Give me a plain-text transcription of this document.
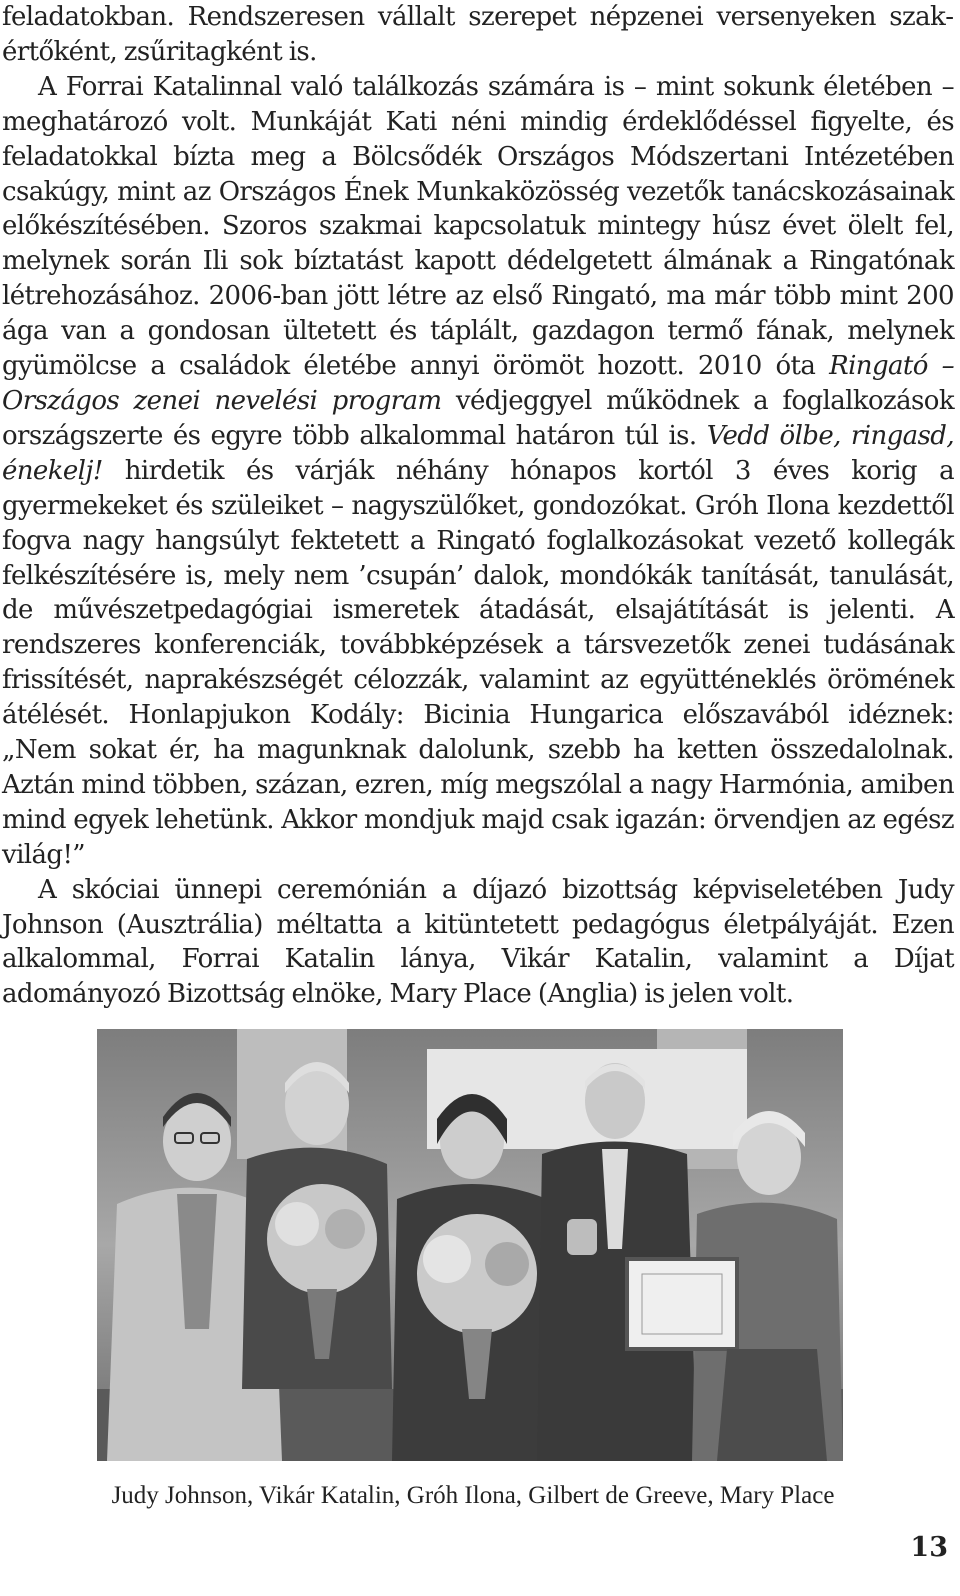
feladatokban. Rendszeresen vállalt szerepet népzenei versenyeken szakértőként, zsűritagként is.

A Forrai Katalinnal való találkozás számára is – mint sokunk életében – meghatározó volt. Munkáját Kati néni mindig érdeklődéssel figyelte, és feladatokkal bízta meg a Bölcsődék Országos Módszertani Intézetében csakúgy, mint az Országos Ének Munkaközösség vezetők tanácskozásainak előkészítésében. Szoros szakmai kapcsolatuk mintegy húsz évet ölelt fel, melynek során Ili sok bíztatást kapott dédelgetett álmának a Ringatónak létrehozásához. 2006-ban jött létre az első Ringató, ma már több mint 200 ága van a gondosan ültetett és táplált, gazdagon termő fának, melynek gyümölcse a családok életébe annyi örömöt hozott. 2010 óta Ringató – Országos zenei nevelési program védjeggyel működnek a foglalkozások országszerte és egyre több alkalommal határon túl is. Vedd ölbe, ringasd, énekelj! hirdetik és várják néhány hónapos kortól 3 éves korig a gyermekeket és szüleiket – nagyszülőket, gondozókat. Gróh Ilona kezdettől fogva nagy hangsúlyt fektetett a Ringató foglalkozásokat vezető kollegák felkészítésére is, mely nem ’csupán’ dalok, mondókák tanítását, tanulását, de művészetpedagógiai ismeretek átadását, elsajátítását is jelenti. A rendszeres konferenciák, továbbképzések a társvezetők zenei tudásának frissítését, naprakészségét célozzák, valamint az együtténeklés örömének átélését. Honlapjukon Kodály: Bicinia Hungarica előszavából idéznek: „Nem sokat ér, ha magunknak dalolunk, szebb ha ketten összedalolnak. Aztán mind többen, százan, ezren, míg megszólal a nagy Harmónia, amiben mind egyek lehetünk. Akkor mondjuk majd csak igazán: örvendjen az egész világ!”

A skóciai ünnepi ceremónián a díjazó bizottság képviseletében Judy Johnson (Ausztrália) méltatta a kitüntetett pedagógus életpályáját. Ezen alkalommal, Forrai Katalin lánya, Vikár Katalin, valamint a Díjat adományozó Bizottság elnöke, Mary Place (Anglia) is jelen volt.

Judy Johnson, Vikár Katalin, Gróh Ilona, Gilbert de Greeve, Mary Place
13
